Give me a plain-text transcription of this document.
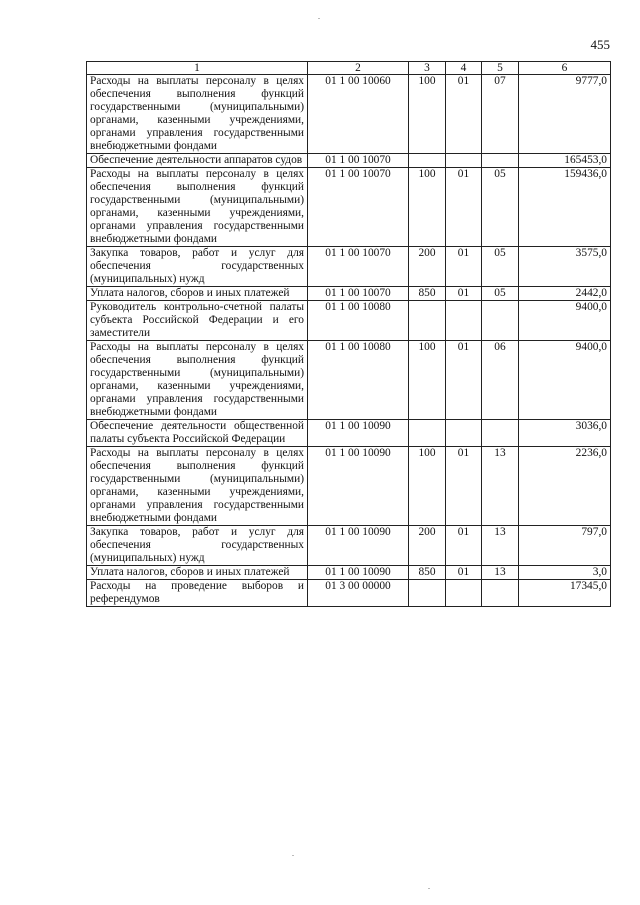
455
1	2	3	4	5	6
Расходы на выплаты персоналу в целях обеспечения выполнения функций государственными (муниципальными) органами, казенными учреждениями, органами управления государственными внебюджетными фондами	01 1 00 10060	100	01	07	9777,0
Обеспечение деятельности аппаратов судов	01 1 00 10070				165453,0
Расходы на выплаты персоналу в целях обеспечения выполнения функций государственными (муниципальными) органами, казенными учреждениями, органами управления государственными внебюджетными фондами	01 1 00 10070	100	01	05	159436,0
Закупка товаров, работ и услуг для обеспечения государственных (муниципальных) нужд	01 1 00 10070	200	01	05	3575,0
Уплата налогов, сборов и иных платежей	01 1 00 10070	850	01	05	2442,0
Руководитель контрольно-счетной палаты субъекта Российской Федерации и его заместители	01 1 00 10080				9400,0
Расходы на выплаты персоналу в целях обеспечения выполнения функций государственными (муниципальными) органами, казенными учреждениями, органами управления государственными внебюджетными фондами	01 1 00 10080	100	01	06	9400,0
Обеспечение деятельности общественной палаты субъекта Российской Федерации	01 1 00 10090				3036,0
Расходы на выплаты персоналу в целях обеспечения выполнения функций государственными (муниципальными) органами, казенными учреждениями, органами управления государственными внебюджетными фондами	01 1 00 10090	100	01	13	2236,0
Закупка товаров, работ и услуг для обеспечения государственных (муниципальных) нужд	01 1 00 10090	200	01	13	797,0
Уплата налогов, сборов и иных платежей	01 1 00 10090	850	01	13	3,0
Расходы на проведение выборов и референдумов	01 3 00 00000				17345,0
